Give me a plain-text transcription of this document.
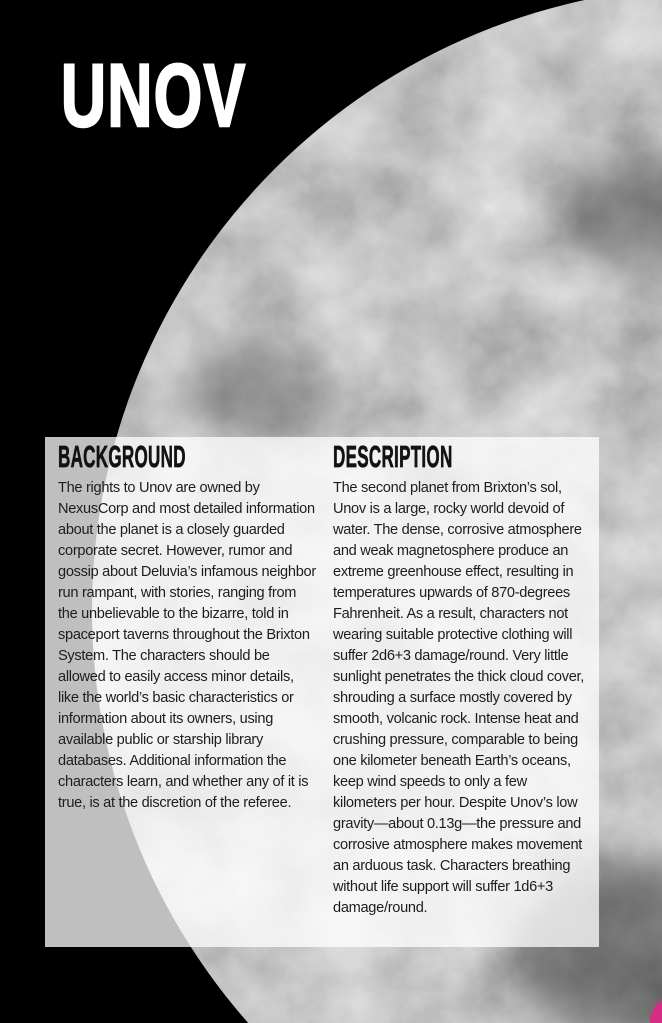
UNOV
BACKGROUND

The rights to Unov are owned by NexusCorp and most detailed information about the planet is a closely guarded corporate secret. However, rumor and gossip about Deluvia’s infamous neighbor run rampant, with stories, ranging from the unbelievable to the bizarre, told in spaceport taverns throughout the Brixton System. The characters should be allowed to easily access minor details, like the world’s basic characteristics or information about its owners, using available public or starship library databases. Additional information the characters learn, and whether any of it is true, is at the discretion of the referee.

DESCRIPTION

The second planet from Brixton’s sol, Unov is a large, rocky world devoid of water. The dense, corrosive atmosphere and weak magnetosphere produce an extreme greenhouse effect, resulting in temperatures upwards of 870-degrees Fahrenheit. As a result, characters not wearing suitable protective clothing will suffer 2d6+3 damage/round. Very little sunlight penetrates the thick cloud cover, shrouding a surface mostly covered by smooth, volcanic rock. Intense heat and crushing pressure, comparable to being one kilometer beneath Earth’s oceans, keep wind speeds to only a few kilometers per hour. Despite Unov’s low gravity—about 0.13g—the pressure and corrosive atmosphere makes movement an arduous task. Characters breathing without life support will suffer 1d6+3 damage/round.
